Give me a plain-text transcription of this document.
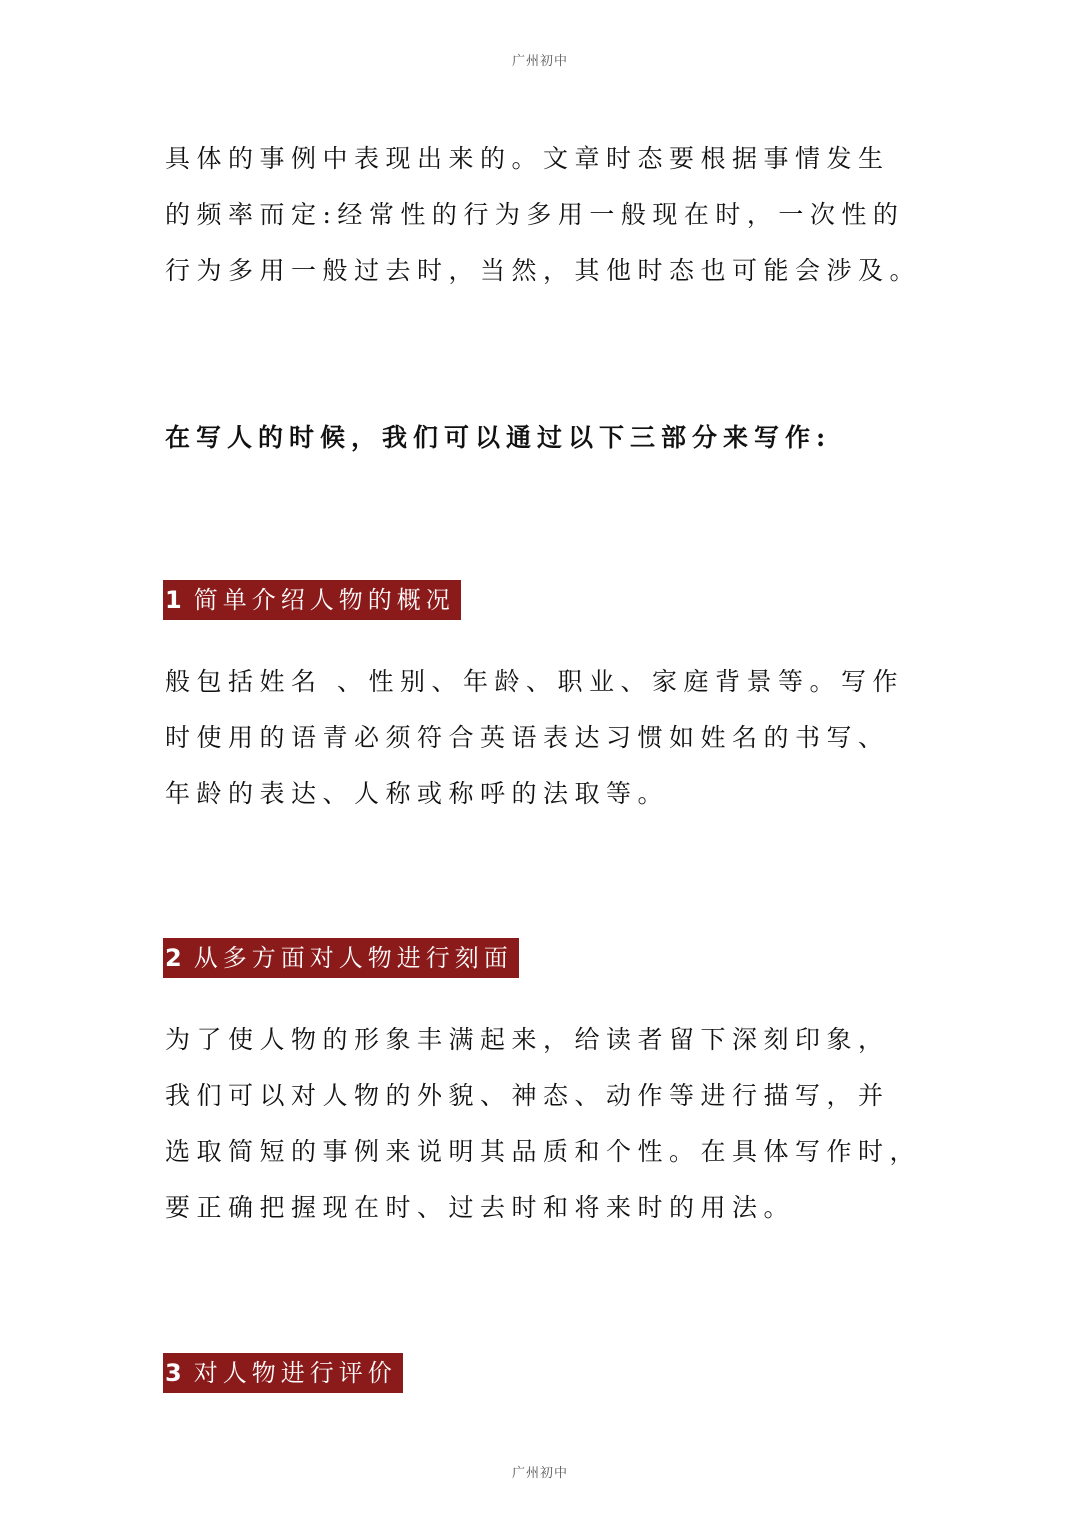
广州初中

具体的事例中表现出来的。文章时态要根据事情发生
的频率而定:经常性的行为多用一般现在时，一次性的
行为多用一般过去时，当然，其他时态也可能会涉及。

在写人的时候，我们可以通过以下三部分来写作:

1 简单介绍人物的概况

般包括姓名 、性别、年龄、职业、家庭背景等。写作
时使用的语青必须符合英语表达习惯如姓名的书写、
年龄的表达、人称或称呼的法取等。

2 从多方面对人物进行刻面

为了使人物的形象丰满起来，给读者留下深刻印象，
我们可以对人物的外貌、神态、动作等进行描写，并
选取简短的事例来说明其品质和个性。在具体写作时，
要正确把握现在时、过去时和将来时的用法。

3 对人物进行评价
广州初中
